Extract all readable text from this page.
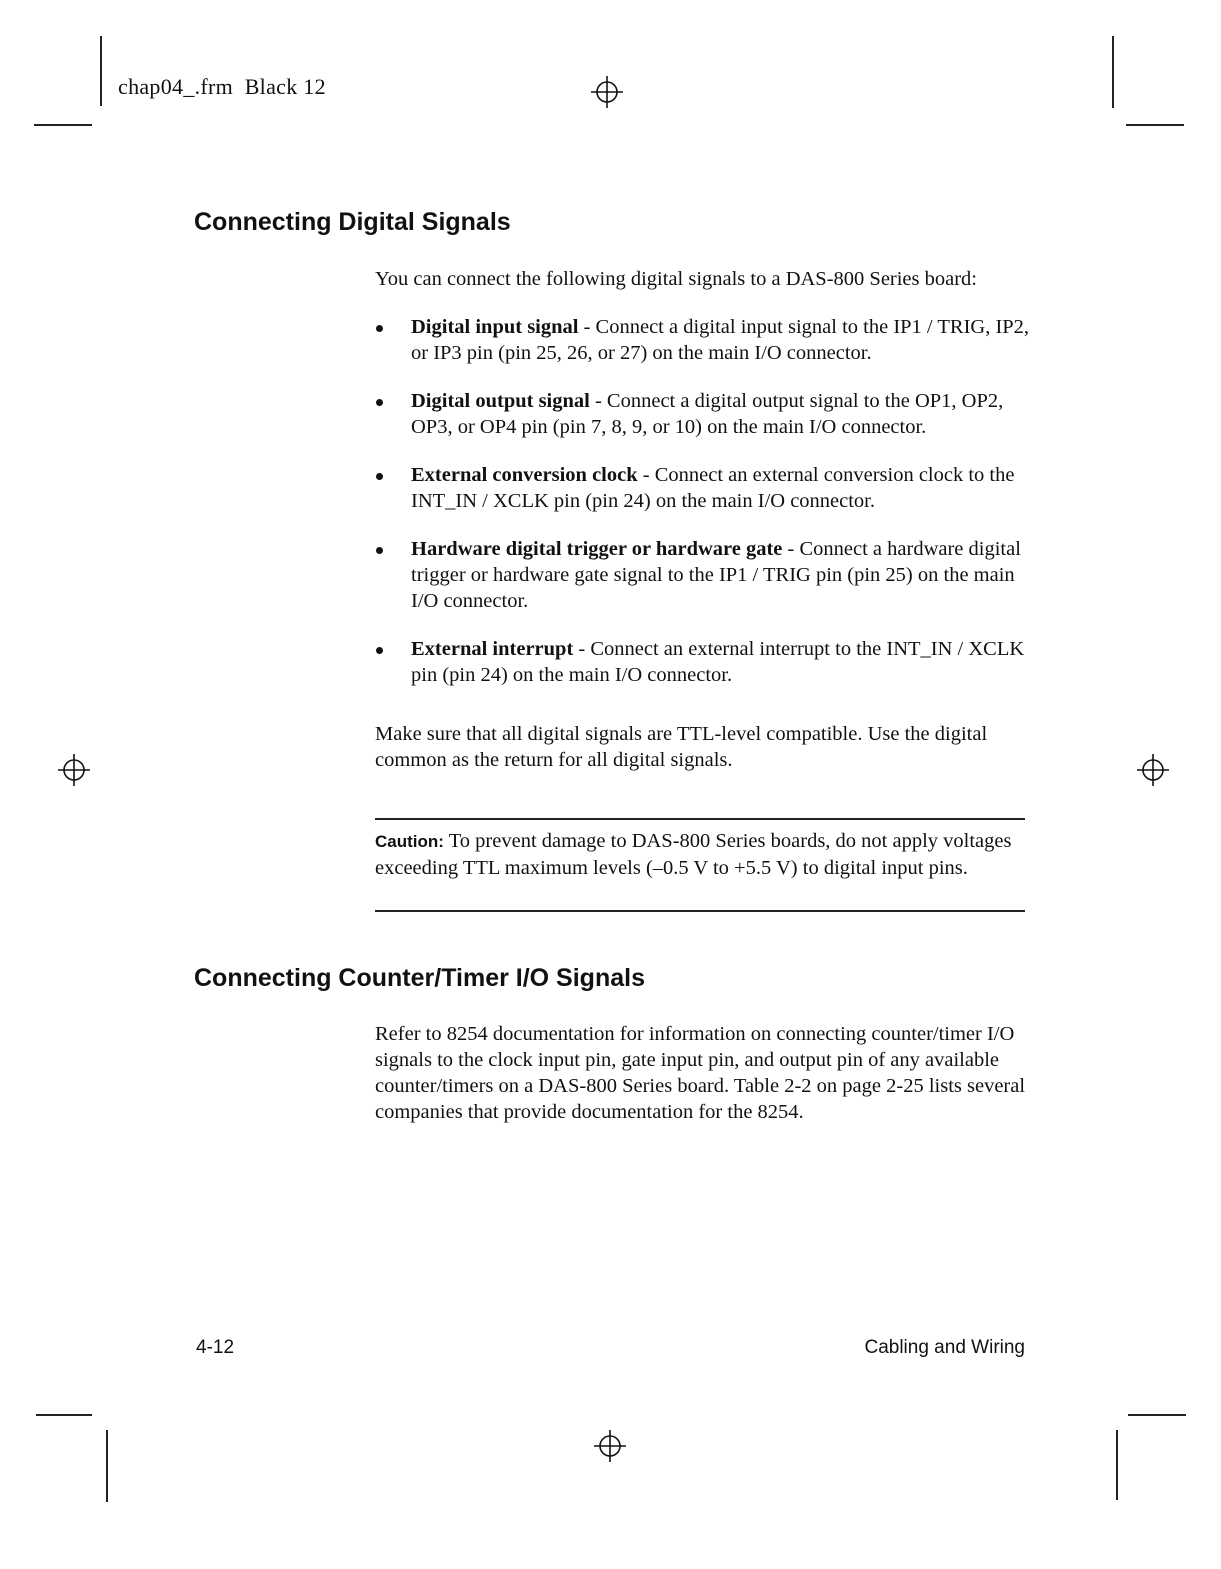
chap04_.frm  Black 12
Connecting Digital Signals
You can connect the following digital signals to a DAS-800 Series board:
Digital input signal - Connect a digital input signal to the IP1 / TRIG, IP2, or IP3 pin (pin 25, 26, or 27) on the main I/O connector.
Digital output signal - Connect a digital output signal to the OP1, OP2, OP3, or OP4 pin (pin 7, 8, 9, or 10) on the main I/O connector.
External conversion clock - Connect an external conversion clock to the INT_IN / XCLK pin (pin 24) on the main I/O connector.
Hardware digital trigger or hardware gate - Connect a hardware digital trigger or hardware gate signal to the IP1 / TRIG pin (pin 25) on the main I/O connector.
External interrupt - Connect an external interrupt to the INT_IN / XCLK pin (pin 24) on the main I/O connector.
Make sure that all digital signals are TTL-level compatible. Use the digital common as the return for all digital signals.
Caution: To prevent damage to DAS-800 Series boards, do not apply voltages exceeding TTL maximum levels (–0.5 V to +5.5 V) to digital input pins.
Connecting Counter/Timer I/O Signals
Refer to 8254 documentation for information on connecting counter/timer I/O signals to the clock input pin, gate input pin, and output pin of any available counter/timers on a DAS-800 Series board. Table 2-2 on page 2-25 lists several companies that provide documentation for the 8254.
4-12	Cabling and Wiring
